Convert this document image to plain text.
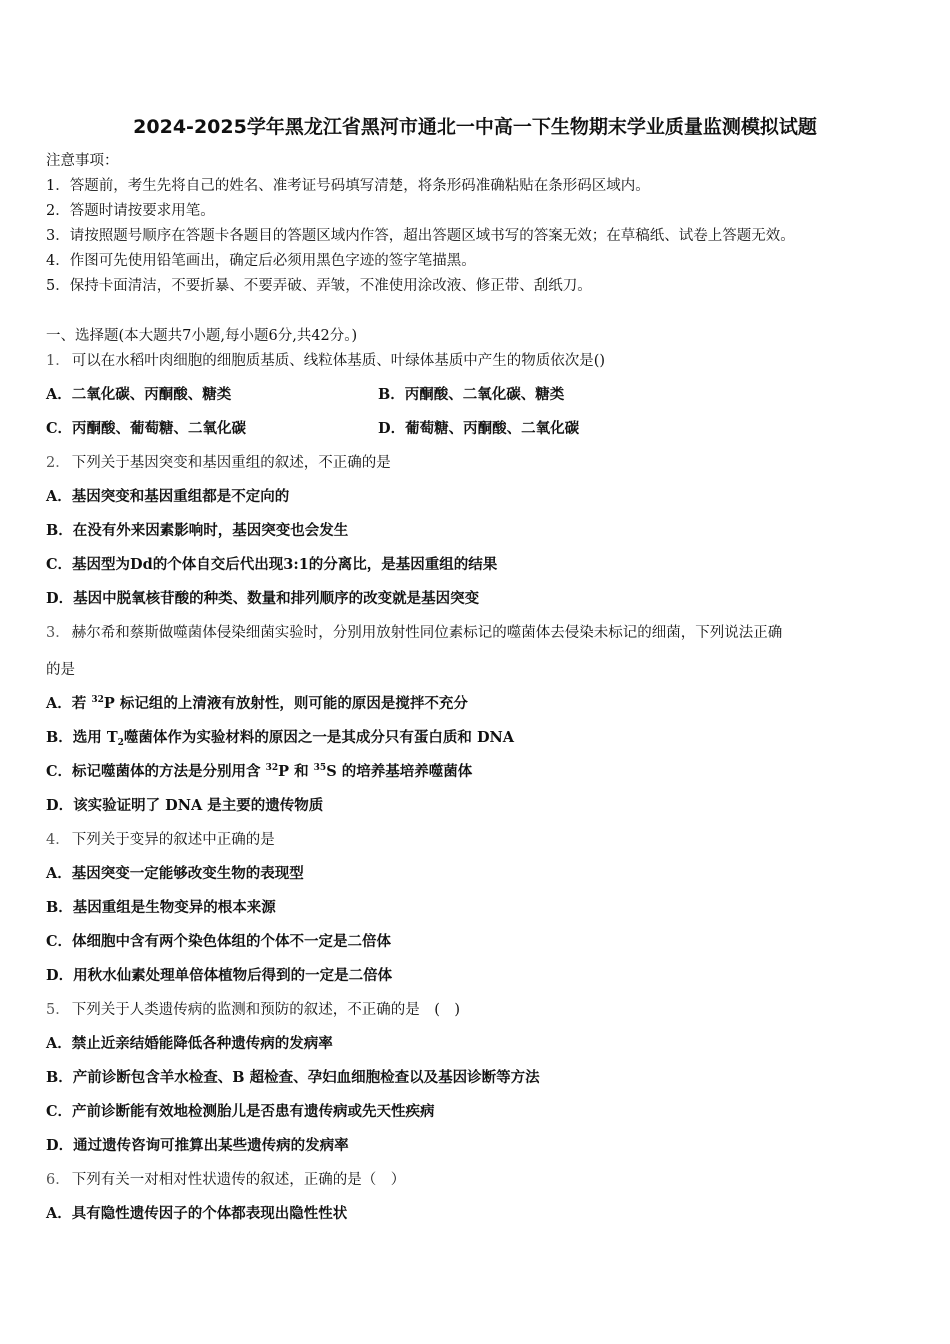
2024-2025学年黑龙江省黑河市通北一中高一下生物期末学业质量监测模拟试题
注意事项：
1．答题前，考生先将自己的姓名、准考证号码填写清楚，将条形码准确粘贴在条形码区域内。
2．答题时请按要求用笔。
3．请按照题号顺序在答题卡各题目的答题区域内作答，超出答题区域书写的答案无效；在草稿纸、试卷上答题无效。
4．作图可先使用铅笔画出，确定后必须用黑色字迹的签字笔描黑。
5．保持卡面清洁，不要折暴、不要弄破、弄皱，不准使用涂改液、修正带、刮纸刀。
一、选择题(本大题共7小题,每小题6分,共42分。)
1． 可以在水稻叶肉细胞的细胞质基质、线粒体基质、叶绿体基质中产生的物质依次是()
A．二氧化碳、丙酮酸、糖类	B．丙酮酸、二氧化碳、糖类
C．丙酮酸、葡萄糖、二氧化碳	D．葡萄糖、丙酮酸、二氧化碳
2． 下列关于基因突变和基因重组的叙述，不正确的是
A．基因突变和基因重组都是不定向的
B．在没有外来因素影响时，基因突变也会发生
C．基因型为Dd的个体自交后代出现3:1的分离比，是基因重组的结果
D．基因中脱氧核苷酸的种类、数量和排列顺序的改变就是基因突变
3． 赫尔希和蔡斯做噬菌体侵染细菌实验时，分别用放射性同位素标记的噬菌体去侵染未标记的细菌，下列说法正确
的是
A．若 $^{32}$P 标记组的上清液有放射性，则可能的原因是搅拌不充分
B．选用 $T_2$噬菌体作为实验材料的原因之一是其成分只有蛋白质和 DNA
C．标记噬菌体的方法是分别用含 $^{32}$P 和 $^{35}$S 的培养基培养噬菌体
D．该实验证明了 DNA 是主要的遗传物质
4． 下列关于变异的叙述中正确的是
A．基因突变一定能够改变生物的表现型
B．基因重组是生物变异的根本来源
C．体细胞中含有两个染色体组的个体不一定是二倍体
D．用秋水仙素处理单倍体植物后得到的一定是二倍体
5． 下列关于人类遗传病的监测和预防的叙述，不正确的是　(　)
A．禁止近亲结婚能降低各种遗传病的发病率
B．产前诊断包含羊水检查、B 超检查、孕妇血细胞检查以及基因诊断等方法
C．产前诊断能有效地检测胎儿是否患有遗传病或先天性疾病
D．通过遗传咨询可推算出某些遗传病的发病率
6． 下列有关一对相对性状遗传的叙述，正确的是（　）
A．具有隐性遗传因子的个体都表现出隐性性状
